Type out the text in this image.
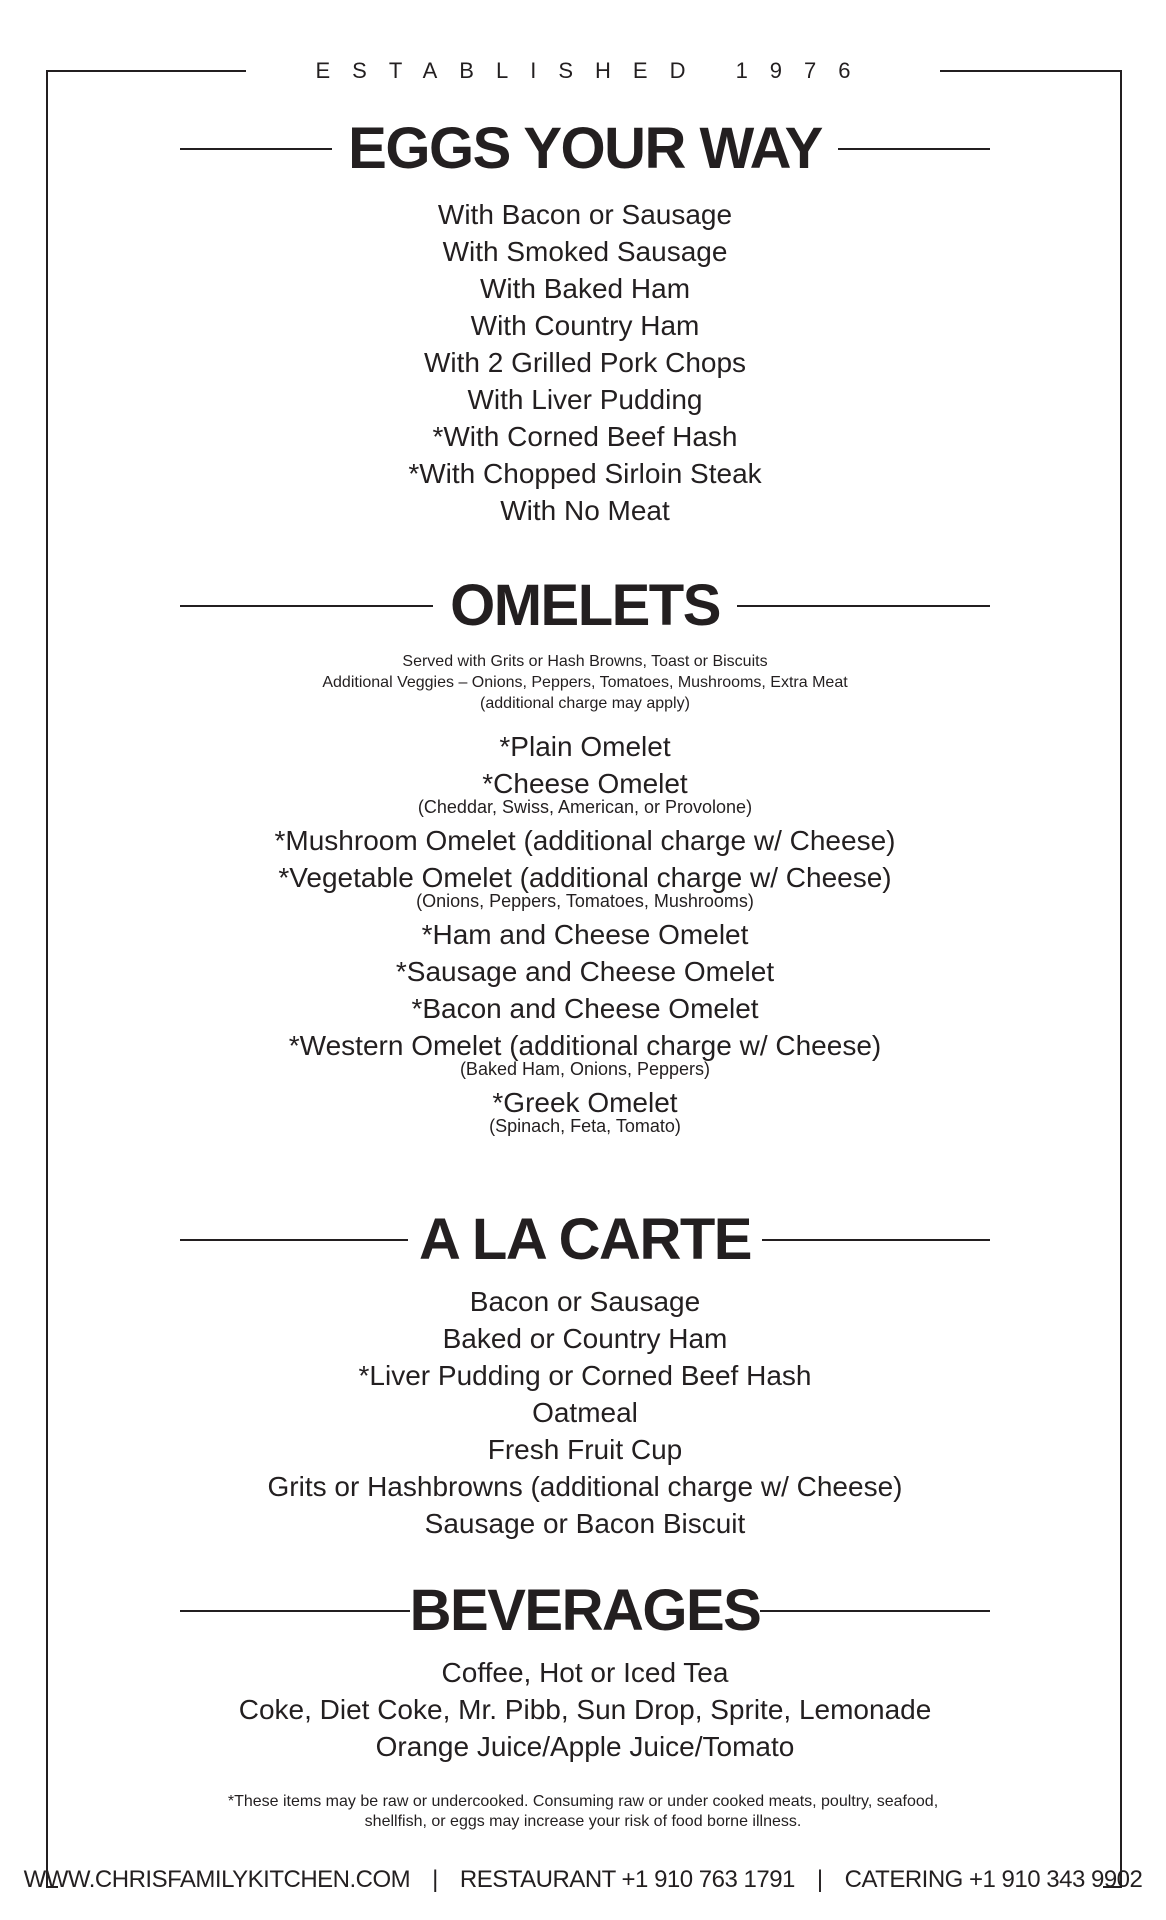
ESTABLISHED 1976
EGGS YOUR WAY
With Bacon or Sausage
With Smoked Sausage
With Baked Ham
With Country Ham
With 2 Grilled Pork Chops
With Liver Pudding
*With Corned Beef Hash
*With Chopped Sirloin Steak
With No Meat
OMELETS
Served with Grits or Hash Browns, Toast or Biscuits
Additional Veggies – Onions, Peppers, Tomatoes, Mushrooms, Extra Meat
(additional charge may apply)
*Plain Omelet
*Cheese Omelet
(Cheddar, Swiss, American, or Provolone)
*Mushroom Omelet (additional charge w/ Cheese)
*Vegetable Omelet (additional charge w/ Cheese)
(Onions, Peppers, Tomatoes, Mushrooms)
*Ham and Cheese Omelet
*Sausage and Cheese Omelet
*Bacon and Cheese Omelet
*Western Omelet (additional charge w/ Cheese)
(Baked Ham, Onions, Peppers)
*Greek Omelet
(Spinach, Feta, Tomato)
A LA CARTE
Bacon or Sausage
Baked or Country Ham
*Liver Pudding or Corned Beef Hash
Oatmeal
Fresh Fruit Cup
Grits or Hashbrowns (additional charge w/ Cheese)
Sausage or Bacon Biscuit
BEVERAGES
Coffee, Hot or Iced Tea
Coke, Diet Coke, Mr. Pibb, Sun Drop, Sprite, Lemonade
Orange Juice/Apple Juice/Tomato
*These items may be raw or undercooked. Consuming raw or under cooked meats, poultry, seafood,
shellfish, or eggs may increase your risk of food borne illness.
WWW.CHRISFAMILYKITCHEN.COM | RESTAURANT +1 910 763 1791 | CATERING +1 910 343 9902
